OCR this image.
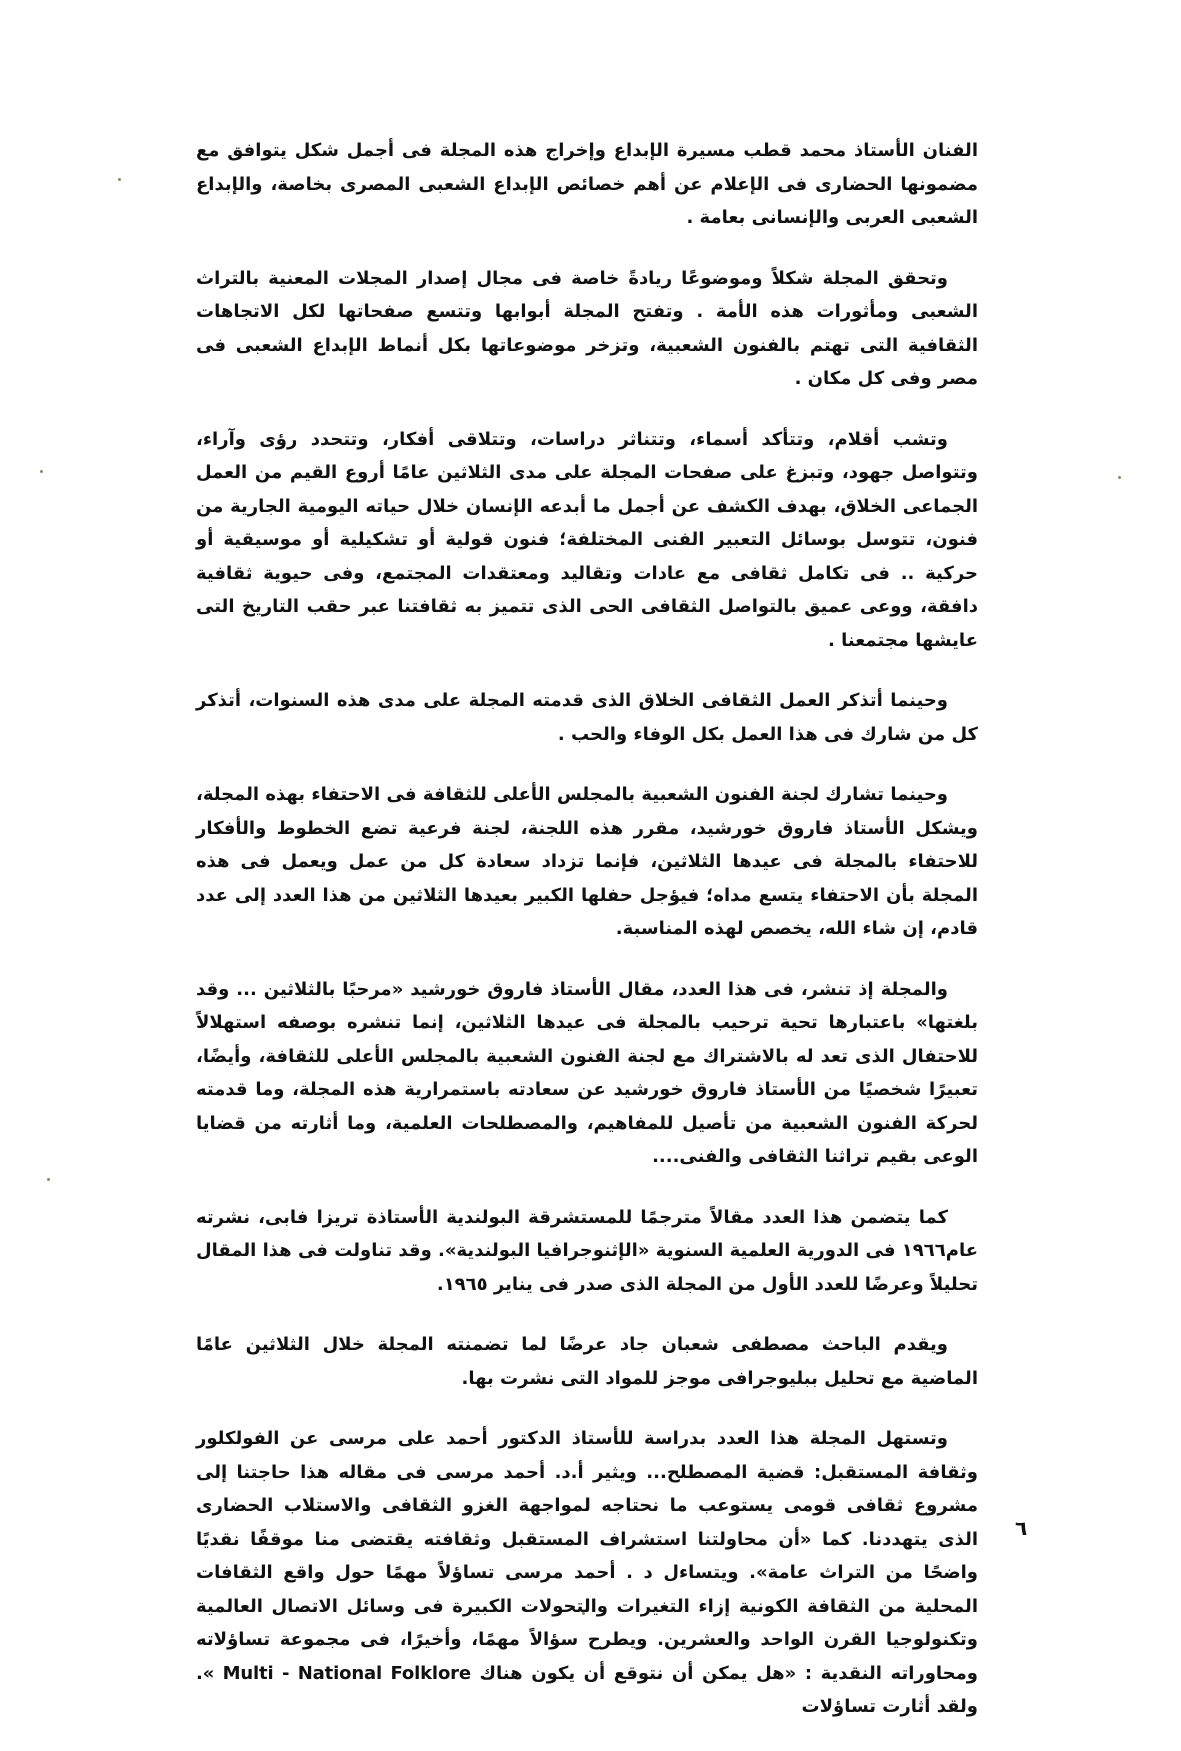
الفنان الأستاذ محمد قطب مسيرة الإبداع وإخراج هذه المجلة فى أجمل شكل يتوافق مع مضمونها الحضارى فى الإعلام عن أهم خصائص الإبداع الشعبى المصرى بخاصة، والإبداع الشعبى العربى والإنسانى بعامة .

وتحقق المجلة شكلاً وموضوعًا ريادةً خاصة فى مجال إصدار المجلات المعنية بالتراث الشعبى ومأثورات هذه الأمة . وتفتح المجلة أبوابها وتتسع صفحاتها لكل الاتجاهات الثقافية التى تهتم بالفنون الشعبية، وتزخر موضوعاتها بكل أنماط الإبداع الشعبى فى مصر وفى كل مكان .

وتشب أقلام، وتتأكد أسماء، وتتناثر دراسات، وتتلاقى أفكار، وتتحدد رؤى وآراء، وتتواصل جهود، وتبزغ على صفحات المجلة على مدى الثلاثين عامًا أروع القيم من العمل الجماعى الخلاق، بهدف الكشف عن أجمل ما أبدعه الإنسان خلال حياته اليومية الجارية من فنون، تتوسل بوسائل التعبير الفنى المختلفة؛ فنون قولية أو تشكيلية أو موسيقية أو حركية .. فى تكامل ثقافى مع عادات وتقاليد ومعتقدات المجتمع، وفى حيوية ثقافية دافقة، ووعى عميق بالتواصل الثقافى الحى الذى تتميز به ثقافتنا عبر حقب التاريخ التى عايشها مجتمعنا .

وحينما أتذكر العمل الثقافى الخلاق الذى قدمته المجلة على مدى هذه السنوات، أتذكر كل من شارك فى هذا العمل بكل الوفاء والحب .

وحينما تشارك لجنة الفنون الشعبية بالمجلس الأعلى للثقافة فى الاحتفاء بهذه المجلة، ويشكل الأستاذ فاروق خورشيد، مقرر هذه اللجنة، لجنة فرعية تضع الخطوط والأفكار للاحتفاء بالمجلة فى عيدها الثلاثين، فإنما تزداد سعادة كل من عمل ويعمل فى هذه المجلة بأن الاحتفاء يتسع مداه؛ فيؤجل حفلها الكبير بعيدها الثلاثين من هذا العدد إلى عدد قادم، إن شاء الله، يخصص لهذه المناسبة.

والمجلة إذ تنشر، فى هذا العدد، مقال الأستاذ فاروق خورشيد «مرحبًا بالثلاثين ... وقد بلغتها» باعتبارها تحية ترحيب بالمجلة فى عيدها الثلاثين، إنما تنشره بوصفه استهلالاً للاحتفال الذى تعد له بالاشتراك مع لجنة الفنون الشعبية بالمجلس الأعلى للثقافة، وأيضًا، تعبيرًا شخصيًا من الأستاذ فاروق خورشيد عن سعادته باستمرارية هذه المجلة، وما قدمته لحركة الفنون الشعبية من تأصيل للمفاهيم، والمصطلحات العلمية، وما أثارته من قضايا الوعى بقيم تراثنا الثقافى والفنى....

كما يتضمن هذا العدد مقالاً مترجمًا للمستشرقة البولندية الأستاذة تريزا فابى، نشرته عام١٩٦٦ فى الدورية العلمية السنوية «الإثنوجرافيا البولندية». وقد تناولت فى هذا المقال تحليلاً وعرضًا للعدد الأول من المجلة الذى صدر فى يناير ١٩٦٥.

ويقدم الباحث مصطفى شعبان جاد عرضًا لما تضمنته المجلة خلال الثلاثين عامًا الماضية مع تحليل ببليوجرافى موجز للمواد التى نشرت بها.

وتستهل المجلة هذا العدد بدراسة للأستاذ الدكتور أحمد على مرسى عن الفولكلور وثقافة المستقبل: قضية المصطلح... ويثير أ.د. أحمد مرسى فى مقاله هذا حاجتنا إلى مشروع ثقافى قومى يستوعب ما نحتاجه لمواجهة الغزو الثقافى والاستلاب الحضارى الذى يتهددنا. كما «أن محاولتنا استشراف المستقبل وثقافته يقتضى منا موقفًا نقديًا واضحًا من التراث عامة». ويتساءل د . أحمد مرسى تساؤلاً مهمًا حول واقع الثقافات المحلية من الثقافة الكونية إزاء التغيرات والتحولات الكبيرة فى وسائل الاتصال العالمية وتكنولوجيا القرن الواحد والعشرين. ويطرح سؤالاً مهمًا، وأخيرًا، فى مجموعة تساؤلاته ومحاوراته النقدية : «هل يمكن أن نتوقع أن يكون هناك Multi - National Folklore ». ولقد أثارت تساؤلات

٦
